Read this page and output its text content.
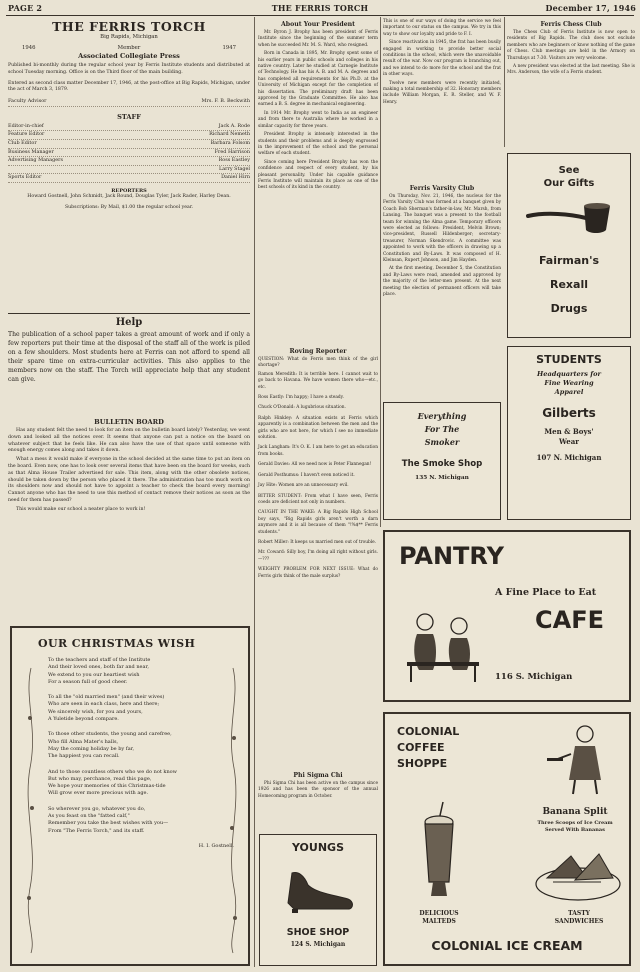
PAGE 2	THE FERRIS TORCH	December 17, 1946
THE FERRIS TORCH
Big Rapids, Michigan
1946	Member	1947
Associated Collegiate Press

Published bi-monthly during the regular school year by Ferris Institute students and distributed at school Tuesday morning. Office is on the Third floor of the main building.

Entered as second class matter December 17, 1946, at the post-office at Big Rapids, Michigan, under the act of March 3, 1879.

Faculty Advisor	Mrs. F. B. Beckwith
STAFF
Editor-in-chief	Jack A. Rode
Feature Editor	Richard Nemeth
Club Editor	Barbara Folsom
Business Manager	Fred Harrison
Advertising Managers	Ross Eastley
Larry Stagel
Sports Editor	Daniel Hirn
REPORTERS
Howard Gostnell, John Schmidt, Jack Round, Douglas Tyler, Jack Rader, Harley Dean.
Subscriptions: By Mail, $1.00 the regular school year.
Help

The publication of a school paper takes a great amount of work and if only a few reporters put their time at the disposal of the staff all of the work is piled on a few shoulders. Most students here at Ferris can not afford to spend all their spare time on extra-curricular activities. This also applies to the members now on the staff. The Torch will appreciate help that any student can give.

BULLETIN BOARD

Has any student felt the need to look for an item on the bulletin board lately? Yesterday, we went down and looked all the notices over. It seems that anyone can put a notice on the board on whatever subject that he feels like. He can also have the use of that space until someone with enough energy comes along and takes it down.

What a mess it would make if everyone in the school decided at the same time to put an item on the board. Even now, one has to look over several items that have been on the board for weeks, such as that Alma House Trailer advertised for sale. This item, along with the other obsolete notices, should be taken down by the person who placed it there. The administration has too much work on its shoulders now and should not have to appoint a teacher to check the board every morning! Cannot anyone who has the need to use this method of contact remove their notices as soon as the need for them has passed?

This would make our school a neater place to work in!

OUR CHRISTMAS WISH

To the teachers and staff of the Institute

And their loved ones, both far and near,

We extend to you our heartiest wish

For a season full of good cheer.

To all the "old married men" (and their wives)

Who are seen in each class, here and there;

We sincerely wish, for you and yours,

A Yuletide beyond compare.

To those other students, the young and carefree,

Who fill Alma Mater's halls,

May the coming holiday be by far,

The happiest you can recall.

And to those countless others who we do not know

But who may, perchance, read this page,

We hope your memories of this Christmas-tide

Will grow ever more precious with age.

So wherever you go, whatever you do,

As you feast on the "fatted calf,"

Remember you take the best wishes with you—

From "The Ferris Torch," and its staff.

H. I. Gostnell.
About Your President

Mr. Byron J. Brophy has been president of Ferris Institute since the beginning of the summer term when he succeeded Mr. M. S. Ward, who resigned.

Born in Canada in 1895, Mr. Brophy spent some of his earlier years in public schools and colleges in his native country. Later he studied at Carnegie Institute of Technology. He has his A. B. and M. A. degrees and has completed all requirements for his Ph.D. at the University of Michigan except for the completion of his dissertation. The preliminary draft has been approved by the Graduate Committee. He also has earned a B. S. degree in mechanical engineering.

In 1914 Mr. Brophy went to India as an engineer and from there to Australia where he worked in a similar capacity for three years.

President Brophy is intensely interested in the students and their problems and is deeply engrossed in the improvement of the school and the personal welfare of each student.

Since coming here President Brophy has won the confidence and respect of every student, by his pleasant personality. Under his capable guidance Ferris Institute will maintain its place as one of the best schools of its kind in the country.

Roving Reporter

QUESTION: What do Ferris men think of the girl shortage?

Ramon Meredith: It is terrible here. I cannot wait to go back to Havana. We have women there who—etc., etc.

Ross Eastly: I'm happy; I have a steady.

Chuck O'Donald: A lugubrious situation.

Ralph Hinkley: A situation exists at Ferris which apparently is a combination between the men and the girls who are not here, for which I see no immediate solution.

Jack Langham: It's O. K. I am here to get an education from books.

Gerald Davies: All we need now is Peter Flannegan!

Gerald Posthumus: I haven't even noticed it.

Jay Hite: Women are an unnecessary evil.

BITTER STUDENT: From what I have seen, Ferris coeds are deficient not only in numbers.

CAUGHT IN THE WAKE: A Big Rapids High School boy says, "Big Rapids girls aren't worth a darn anymore and it is all because of them "!%$** Ferris students."

Robert Miller: It keeps us married men out of trouble.

Mr. Coward: Silly boy, I'm doing all right without girls.—???

WEIGHTY PROBLEM FOR NEXT ISSUE: What do Ferris girls think of the male surplus?

Phi Sigma Chi

Phi Sigma Chi has been active on the campus since 1926 and has been the sponsor of the annual Homecoming program in October.

YOUNGS
SHOE SHOP
124 S. Michigan

This is one of our ways of doing the service we feel important to our status on the campus. We try in this way to show our loyalty and pride to F. I.

Since reactivation in 1945, the frat has been busily engaged in working to provide better social conditions in the school, which were the unavoidable result of the war. Now our program is branching out, and we intend to do more for the school and the frat in other ways.

Twelve new members were recently initiated, making a total membership of 32. Honorary members include William Morgan, E. R. Steller, and W. F. Henry.

Ferris Varsity Club

On Thursday, Nov. 21, 1946, the nucleus for the Ferris Varsity Club was formed at a banquet given by Coach Bob Sherman's father-in-law, Mr. Marsh, from Lansing. The banquet was a present to the football team for winning the Alma game. Temporary officers were elected as follows: President, Melvin Brown; vice-president, Russell Hildenberger; secretary-treasurer, Norman Skendrovic. A committee was appointed to work with the officers in drawing up a Constitution and By-Laws. It was composed of H. Kleinsan, Rupert Johnson, and Jim Hayden.

At the first meeting, December 5, the Constitution and By-Laws were read, amended and approved by the majority of the letter-men present. At the next meeting the election of permanent officers will take place.

Everything
For The
Smoker
The Smoke Shop
135 N. Michigan
Ferris Chess Club

The Chess Club of Ferris Institute is now open to residents of Big Rapids. The club does not exclude members who are beginners or know nothing of the game of Chess. Club meetings are held in the Armory on Thursdays at 7:30. Visitors are very welcome.

A new president was elected at the last meeting. She is Mrs. Anderson, the wife of a Ferris student.

See
Our Gifts
Fairman's
Rexall
Drugs
STUDENTS
Headquarters for
Fine Wearing
Apparel
Gilberts
Men & Boys'
Wear
107 N. Michigan
PANTRY
A Fine Place to Eat
CAFE
116 S. Michigan
COLONIAL
COFFEE
SHOPPE
Banana Split
Three Scoops of Ice Cream
Served With Bananas
DELICIOUS
MALTEDS
TASTY
SANDWICHES
COLONIAL ICE CREAM
